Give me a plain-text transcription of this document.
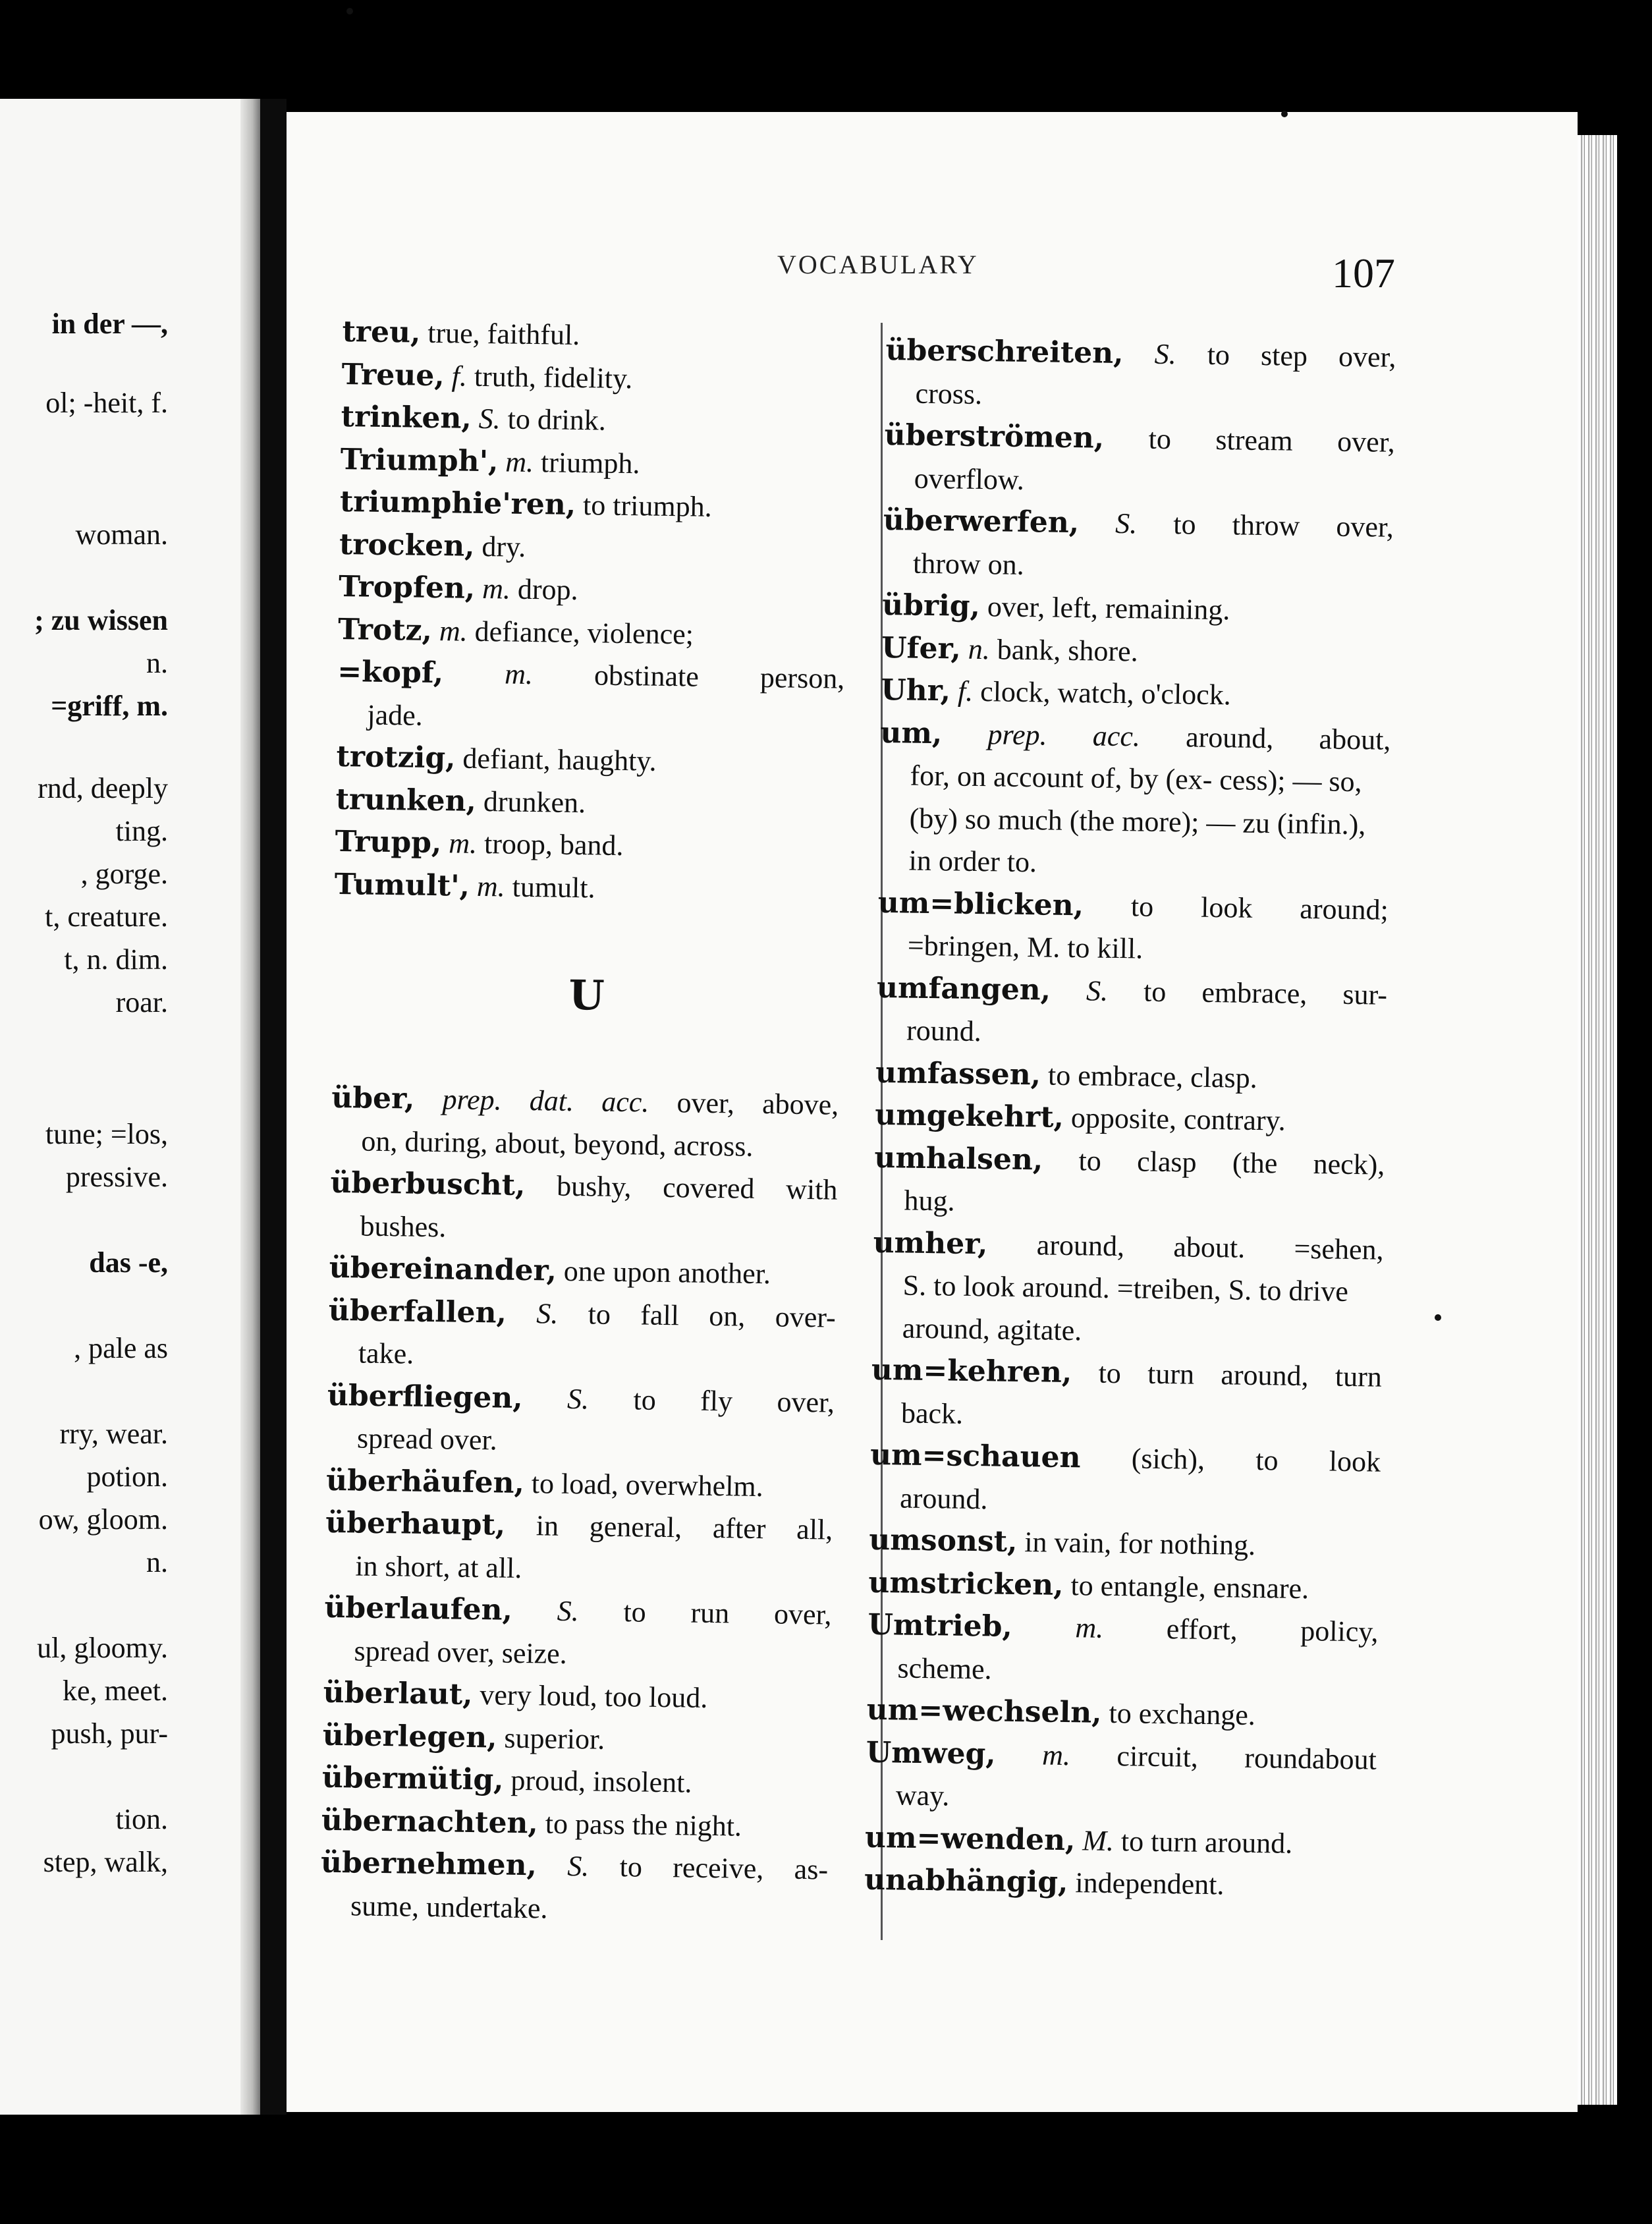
in der —,
ol; -heit, f.
woman.
; zu wissen
n.
=griff, m.
rnd, deeply
ting.
, gorge.
t, creature.
t, n. dim.
roar.
tune; =los,
pressive.
das -e,
, pale as
rry, wear.
potion.
ow, gloom.
n.
ul, gloomy.
ke, meet.
push, pur-
tion.
step, walk,
VOCABULARY	107
treu, true, faithful.
Treue, f. truth, fidelity.
trinken, S. to drink.
Triumph', m. triumph.
triumphie'ren, to triumph.
trocken, dry.
Tropfen, m. drop.
Trotz, m. defiance, violence;
=kopf, m. obstinate person,
jade.
trotzig, defiant, haughty.
trunken, drunken.
Trupp, m. troop, band.
Tumult', m. tumult.
U
über, prep. dat. acc. over, above,
on, during, about, beyond, across.
überbuscht, bushy, covered with
bushes.
übereinander, one upon another.
überfallen, S. to fall on, over-
take.
überfliegen, S. to fly over,
spread over.
überhäufen, to load, overwhelm.
überhaupt, in general, after all,
in short, at all.
überlaufen, S. to run over,
spread over, seize.
überlaut, very loud, too loud.
überlegen, superior.
übermütig, proud, insolent.
übernachten, to pass the night.
übernehmen, S. to receive, as-
sume, undertake.
überschreiten, S. to step over,
cross.
überströmen, to stream over,
overflow.
überwerfen, S. to throw over,
throw on.
übrig, over, left, remaining.
Ufer, n. bank, shore.
Uhr, f. clock, watch, o'clock.
um, prep. acc. around, about,
for, on account of, by (ex- cess); — so, (by) so much (the more); — zu (infin.), in order to.
um=blicken, to look around;
=bringen, M. to kill.
umfangen, S. to embrace, sur-
round.
umfassen, to embrace, clasp.
umgekehrt, opposite, contrary.
umhalsen, to clasp (the neck),
hug.
umher, around, about. =sehen,
S. to look around. =treiben, S. to drive around, agitate.
um=kehren, to turn around, turn
back.
um=schauen (sich), to look
around.
umsonst, in vain, for nothing.
umstricken, to entangle, ensnare.
Umtrieb, m. effort, policy,
scheme.
um=wechseln, to exchange.
Umweg, m. circuit, roundabout
way.
um=wenden, M. to turn around.
unabhängig, independent.
